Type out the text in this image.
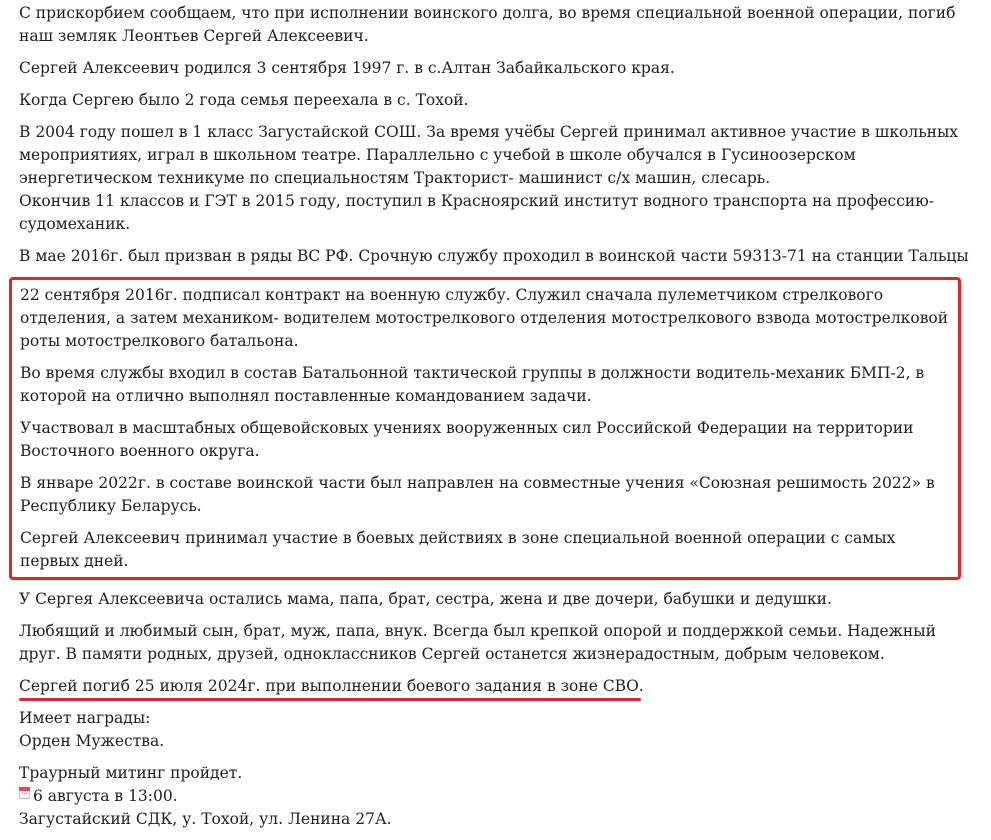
С прискорбием сообщаем, что при исполнении воинского долга, во время специальной военной операции, погиб наш земляк Леонтьев Сергей Алексеевич.

Сергей Алексеевич родился 3 сентября 1997 г. в с.Алтан Забайкальского края.

Когда Сергею было 2 года семья переехала в с. Тохой.

В 2004 году пошел в 1 класс Загустайской СОШ. За время учёбы Сергей принимал активное участие в школьных мероприятиях, играл в школьном театре. Параллельно с учебой в школе обучался в Гусиноозерском энергетическом техникуме по специальностям Тракторист- машинист с/х машин, слесарь.
Окончив 11 классов и ГЭТ в 2015 году, поступил в Красноярский институт водного транспорта на профессию- судомеханик.

В мае 2016г. был призван в ряды ВС РФ. Срочную службу проходил в воинской части 59313-71 на станции Тальцы

22 сентября 2016г. подписал контракт на военную службу. Служил сначала пулеметчиком стрелкового отделения, а затем механиком- водителем мотострелкового отделения мотострелкового взвода мотострелковой роты мотострелкового батальона.

Во время службы входил в состав Батальонной тактической группы в должности водитель-механик БМП-2, в которой на отлично выполнял поставленные командованием задачи.

Участвовал в масштабных общевойсковых учениях вооруженных сил Российской Федерации на территории Восточного военного округа.

В январе 2022г. в составе воинской части был направлен на совместные учения «Союзная решимость 2022» в Республику Беларусь.

Сергей Алексеевич принимал участие в боевых действиях в зоне специальной военной операции с самых первых дней.

У Сергея Алексеевича остались мама, папа, брат, сестра, жена и две дочери, бабушки и дедушки.

Любящий и любимый сын, брат, муж, папа, внук. Всегда был крепкой опорой и поддержкой семьи. Надежный друг. В памяти родных, друзей, одноклассников Сергей останется жизнерадостным, добрым человеком.

Сергей погиб 25 июля 2024г. при выполнении боевого задания в зоне СВО.

Имеет награды:
Орден Мужества.

Траурный митинг пройдет.
6 августа в 13:00.
Загустайский СДК, у. Тохой, ул. Ленина 27А.
